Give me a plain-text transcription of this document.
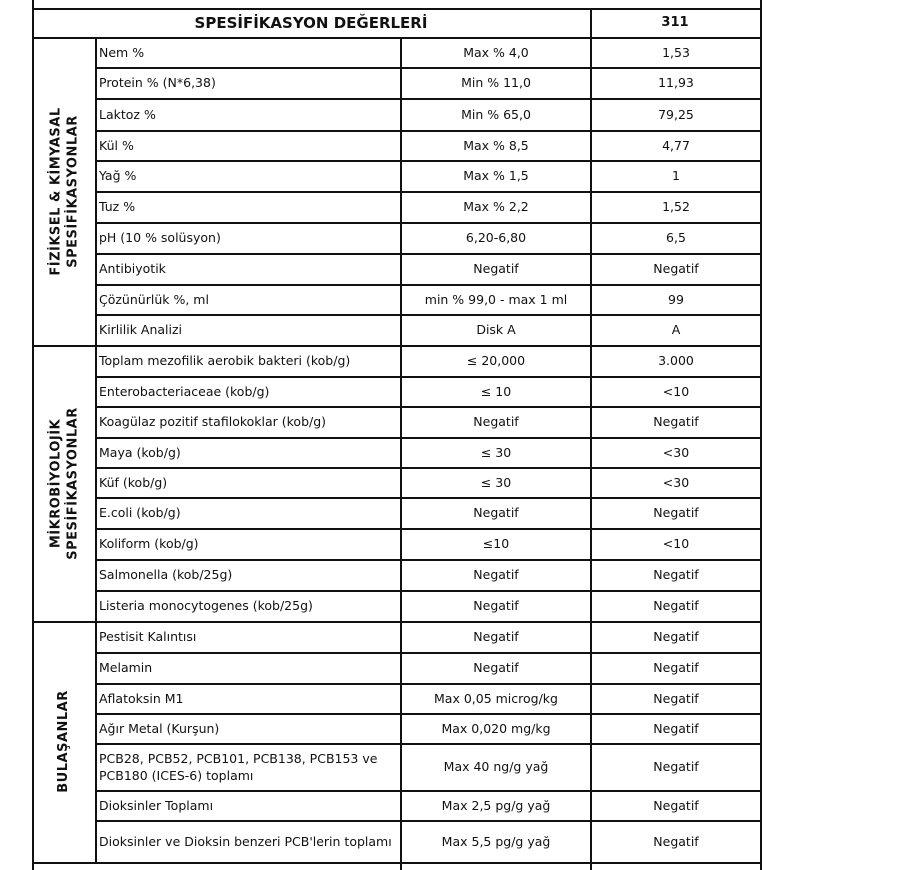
SPESİFİKASYON DEĞERLERİ	311
FİZİKSEL & KİMYASAL
SPESİFİKASYONLAR
Nem %	Max % 4,0	1,53
Protein % (N*6,38)	Min % 11,0	11,93
Laktoz %	Min % 65,0	79,25
Kül %	Max % 8,5	4,77
Yağ %	Max % 1,5	1
Tuz %	Max % 2,2	1,52
pH (10 % solüsyon)	6,20-6,80	6,5
Antibiyotik	Negatif	Negatif
Çözünürlük %, ml	min % 99,0 - max 1 ml	99
Kirlilik Analizi	Disk A	A
MİKROBİYOLOJİK
SPESİFİKASYONLAR
Toplam mezofilik aerobik bakteri (kob/g)	≤ 20,000	3.000
Enterobacteriaceae (kob/g)	≤ 10	<10
Koagülaz pozitif stafilokoklar (kob/g)	Negatif	Negatif
Maya (kob/g)	≤ 30	<30
Küf (kob/g)	≤ 30	<30
E.coli (kob/g)	Negatif	Negatif
Koliform (kob/g)	≤10	<10
Salmonella (kob/25g)	Negatif	Negatif
Listeria monocytogenes (kob/25g)	Negatif	Negatif
BULAŞANLAR
Pestisit Kalıntısı	Negatif	Negatif
Melamin	Negatif	Negatif
Aflatoksin M1	Max 0,05 microg/kg	Negatif
Ağır Metal (Kurşun)	Max 0,020 mg/kg	Negatif
PCB28, PCB52, PCB101, PCB138, PCB153 ve
PCB180 (ICES-6) toplamı
Max 40 ng/g yağ	Negatif
Dioksinler Toplamı	Max 2,5 pg/g yağ	Negatif
Dioksinler ve Dioksin benzeri PCB'lerin toplamı	Max 5,5 pg/g yağ	Negatif
